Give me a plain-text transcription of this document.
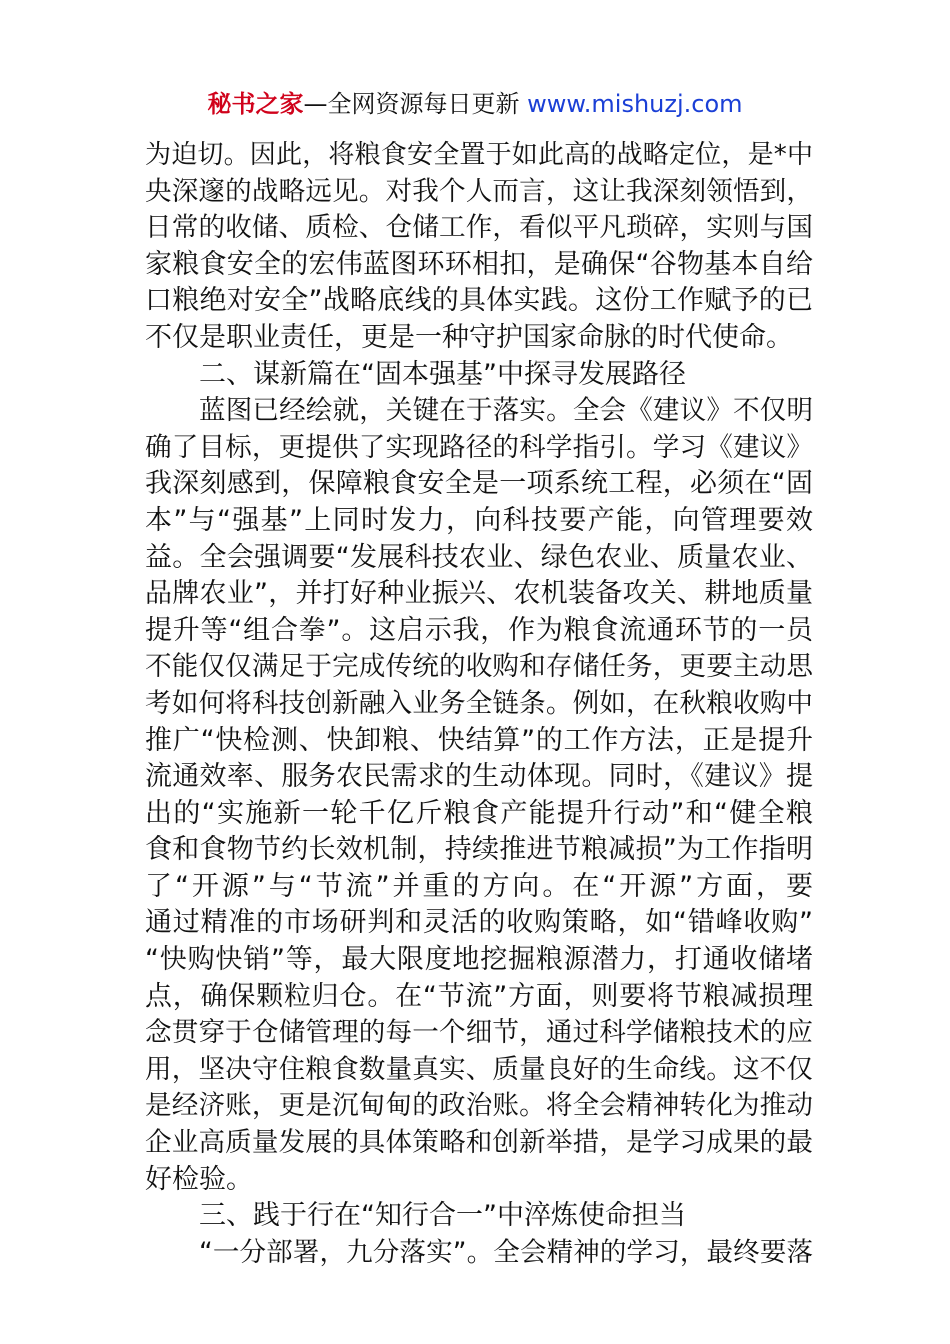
秘书之家—全网资源每日更新 www.mishuzj.com
为迫切。因此，将粮食安全置于如此高的战略定位，是*中
央深邃的战略远见。对我个人而言，这让我深刻领悟到，
日常的收储、质检、仓储工作，看似平凡琐碎，实则与国
家粮食安全的宏伟蓝图环环相扣，是确保“谷物基本自给
口粮绝对安全”战略底线的具体实践。这份工作赋予的已
不仅是职业责任，更是一种守护国家命脉的时代使命。
二、谋新篇在“固本强基”中探寻发展路径
蓝图已经绘就，关键在于落实。全会《建议》不仅明
确了目标，更提供了实现路径的科学指引。学习《建议》
我深刻感到，保障粮食安全是一项系统工程，必须在“固
本”与“强基”上同时发力，向科技要产能，向管理要效
益。全会强调要“发展科技农业、绿色农业、质量农业、
品牌农业”，并打好种业振兴、农机装备攻关、耕地质量
提升等“组合拳”。这启示我，作为粮食流通环节的一员
不能仅仅满足于完成传统的收购和存储任务，更要主动思
考如何将科技创新融入业务全链条。例如，在秋粮收购中
推广“快检测、快卸粮、快结算”的工作方法，正是提升
流通效率、服务农民需求的生动体现。同时，《建议》提
出的“实施新一轮千亿斤粮食产能提升行动”和“健全粮
食和食物节约长效机制，持续推进节粮减损”为工作指明
了“开源”与“节流”并重的方向。在“开源”方面，要
通过精准的市场研判和灵活的收购策略，如“错峰收购”
“快购快销”等，最大限度地挖掘粮源潜力，打通收储堵
点，确保颗粒归仓。在“节流”方面，则要将节粮减损理
念贯穿于仓储管理的每一个细节，通过科学储粮技术的应
用，坚决守住粮食数量真实、质量良好的生命线。这不仅
是经济账，更是沉甸甸的政治账。将全会精神转化为推动
企业高质量发展的具体策略和创新举措，是学习成果的最
好检验。
三、践于行在“知行合一”中淬炼使命担当
“一分部署，九分落实”。全会精神的学习，最终要落
